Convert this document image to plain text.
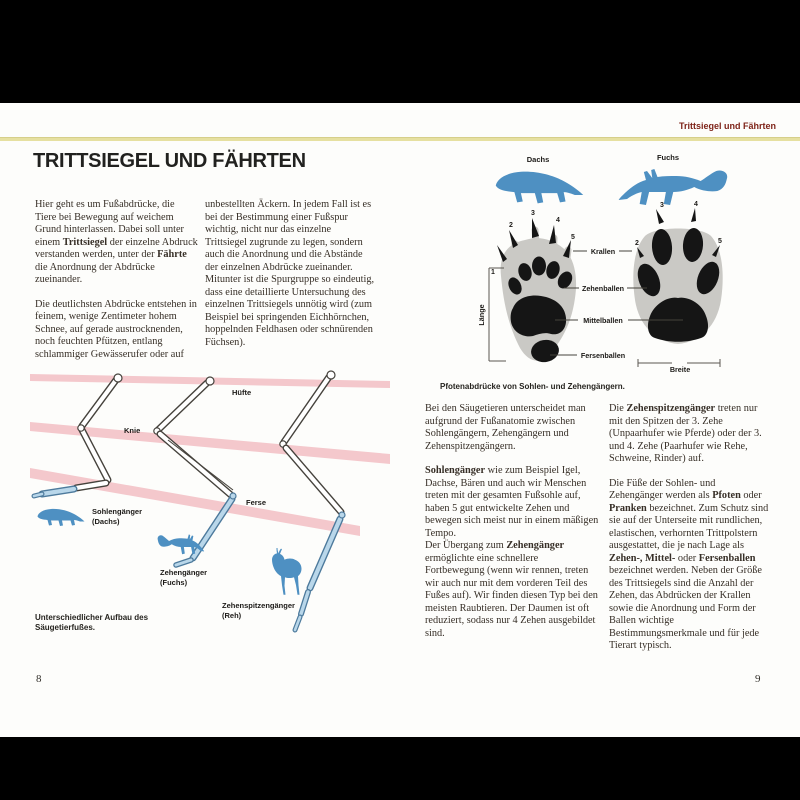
Trittsiegel und Fährten
TRITTSIEGEL UND FÄHRTEN

Hier geht es um Fußabdrücke, die Tiere bei Bewegung auf weichem Grund hinterlassen. Dabei soll unter einem Trittsiegel der einzelne Abdruck verstanden werden, unter der Fährte die Anordnung der Abdrücke zueinander.

Die deutlichsten Abdrücke entstehen in feinem, wenige Zentimeter hohem Schnee, auf gerade austrocknenden, noch feuchten Pfützen, entlang schlammiger Gewässerufer oder auf

unbestellten Äckern. In jedem Fall ist es bei der Bestimmung einer Fußspur wichtig, nicht nur das einzelne Trittsiegel zugrunde zu legen, sondern auch die Anordnung und die Abstände der einzelnen Abdrücke zueinander. Mitunter ist die Spurgruppe so eindeutig, dass eine detaillierte Untersuchung des einzelnen Trittsiegels unnötig wird (zum Beispiel bei springenden Eichhörnchen, hoppelnden Feldhasen oder schnürenden Füchsen).

Hüfte
Knie
Ferse
Sohlengänger
(Dachs)
Zehengänger
(Fuchs)
Zehenspitzengänger
(Reh)
Unterschiedlicher Aufbau des Säugetierfußes.
8
Dachs	Fuchs
1
2
3
4
5
2
3	4
5
Krallen
Zehenballen
Mittelballen
Fersenballen
Länge
Breite
Pfotenabdrücke von Sohlen- und Zehengängern.

Bei den Säugetieren unterscheidet man aufgrund der Fußanatomie zwischen Sohlengängern, Zehengängern und Zehenspitzengängern.

Sohlengänger wie zum Beispiel Igel, Dachse, Bären und auch wir Menschen treten mit der gesamten Fußsohle auf, haben 5 gut entwickelte Zehen und bewegen sich meist nur in einem mäßigen Tempo.

Der Übergang zum Zehengänger ermöglichte eine schnellere Fortbewegung (wenn wir rennen, treten wir auch nur mit dem vorderen Teil des Fußes auf). Wir finden diesen Typ bei den meisten Raubtieren. Der Daumen ist oft reduziert, sodass nur 4 Zehen ausgebildet sind.

Die Zehenspitzengänger treten nur mit den Spitzen der 3. Zehe (Unpaarhufer wie Pferde) oder der 3. und 4. Zehe (Paarhufer wie Rehe, Schweine, Rinder) auf.

Die Füße der Sohlen- und Zehengänger werden als Pfoten oder Pranken bezeichnet. Zum Schutz sind sie auf der Unterseite mit rundlichen, elastischen, verhornten Trittpolstern ausgestattet, die je nach Lage als Zehen-, Mittel- oder Fersenballen bezeichnet werden. Neben der Größe des Trittsiegels sind die Anzahl der Zehen, das Abdrücken der Krallen sowie die Anordnung und Form der Ballen wichtige Bestimmungsmerkmale und für jede Tierart typisch.

9
